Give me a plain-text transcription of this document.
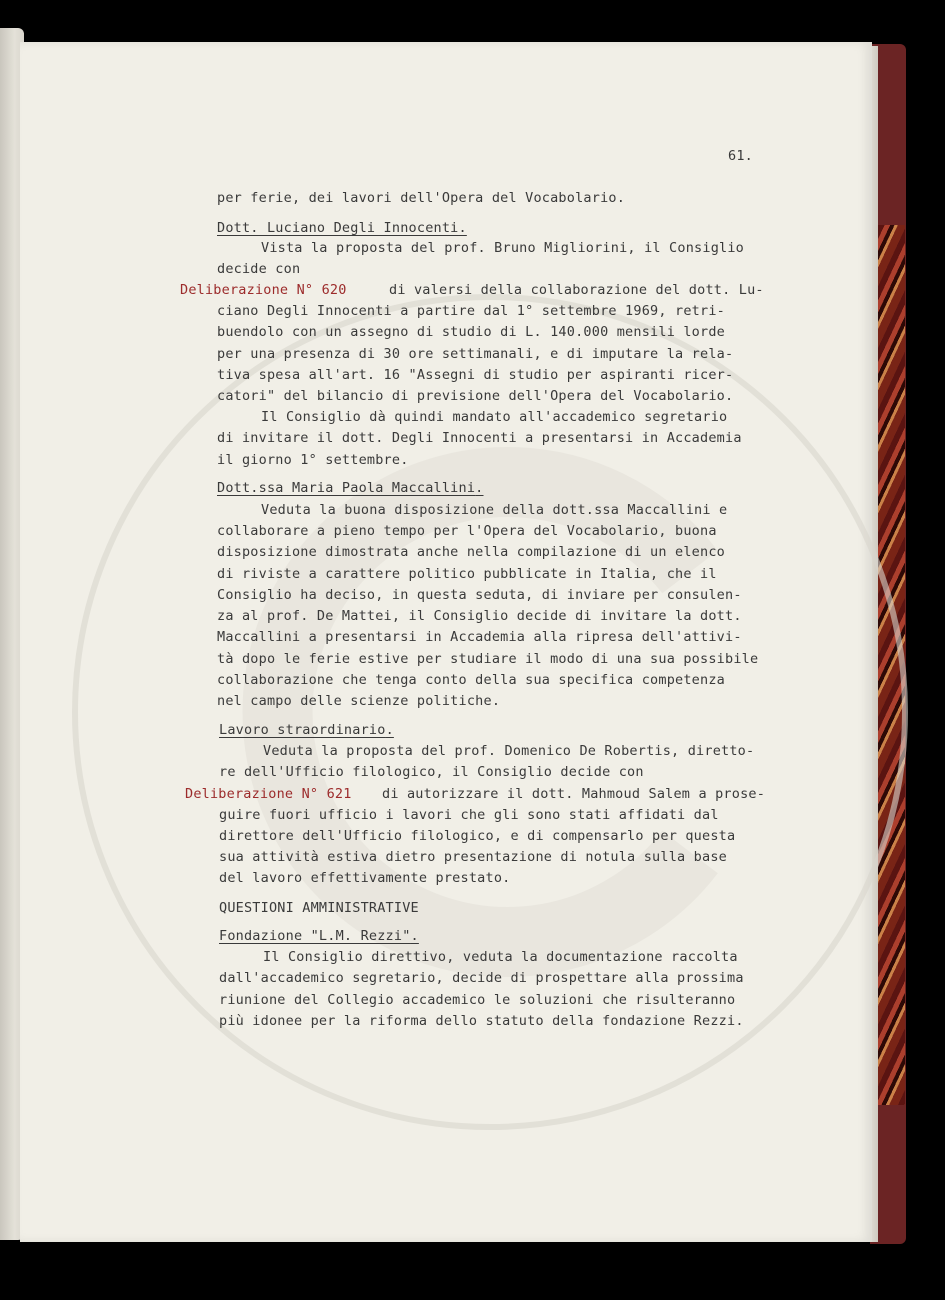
61.
per ferie, dei lavori dell'Opera del Vocabolario.
Dott. Luciano Degli Innocenti.
Vista la proposta del prof. Bruno Migliorini, il Consiglio
decide con
Deliberazione N° 620	di valersi della collaborazione del dott. Lu-
ciano Degli Innocenti a partire dal 1° settembre 1969, retri-
buendolo con un assegno di studio di L. 140.000 mensili lorde
per una presenza di 30 ore settimanali, e di imputare la rela-
tiva spesa all'art. 16 "Assegni di studio per aspiranti ricer-
catori" del bilancio di previsione dell'Opera del Vocabolario.
Il Consiglio dà quindi mandato all'accademico segretario
di invitare il dott. Degli Innocenti a presentarsi in Accademia
il giorno 1° settembre.
Dott.ssa Maria Paola Maccallini.
Veduta la buona disposizione della dott.ssa Maccallini e
collaborare a pieno tempo per l'Opera del Vocabolario, buona
disposizione dimostrata anche nella compilazione di un elenco
di riviste a carattere politico pubblicate in Italia, che il
Consiglio ha deciso, in questa seduta, di inviare per consulen-
za al prof. De Mattei, il Consiglio decide di invitare la dott.
Maccallini a presentarsi in Accademia alla ripresa dell'attivi-
tà dopo le ferie estive per studiare il modo di una sua possibile
collaborazione che tenga conto della sua specifica competenza
nel campo delle scienze politiche.
Lavoro straordinario.
Veduta la proposta del prof. Domenico De Robertis, diretto-
re dell'Ufficio filologico, il Consiglio decide con
Deliberazione N° 621 di autorizzare il dott. Mahmoud Salem a prose-
guire fuori ufficio i lavori che gli sono stati affidati dal
direttore dell'Ufficio filologico, e di compensarlo per questa
sua attività estiva dietro presentazione di notula sulla base
del lavoro effettivamente prestato.
QUESTIONI AMMINISTRATIVE
Fondazione "L.M. Rezzi".
Il Consiglio direttivo, veduta la documentazione raccolta
dall'accademico segretario, decide di prospettare alla prossima
riunione del Collegio accademico le soluzioni che risulteranno
più idonee per la riforma dello statuto della fondazione Rezzi.
